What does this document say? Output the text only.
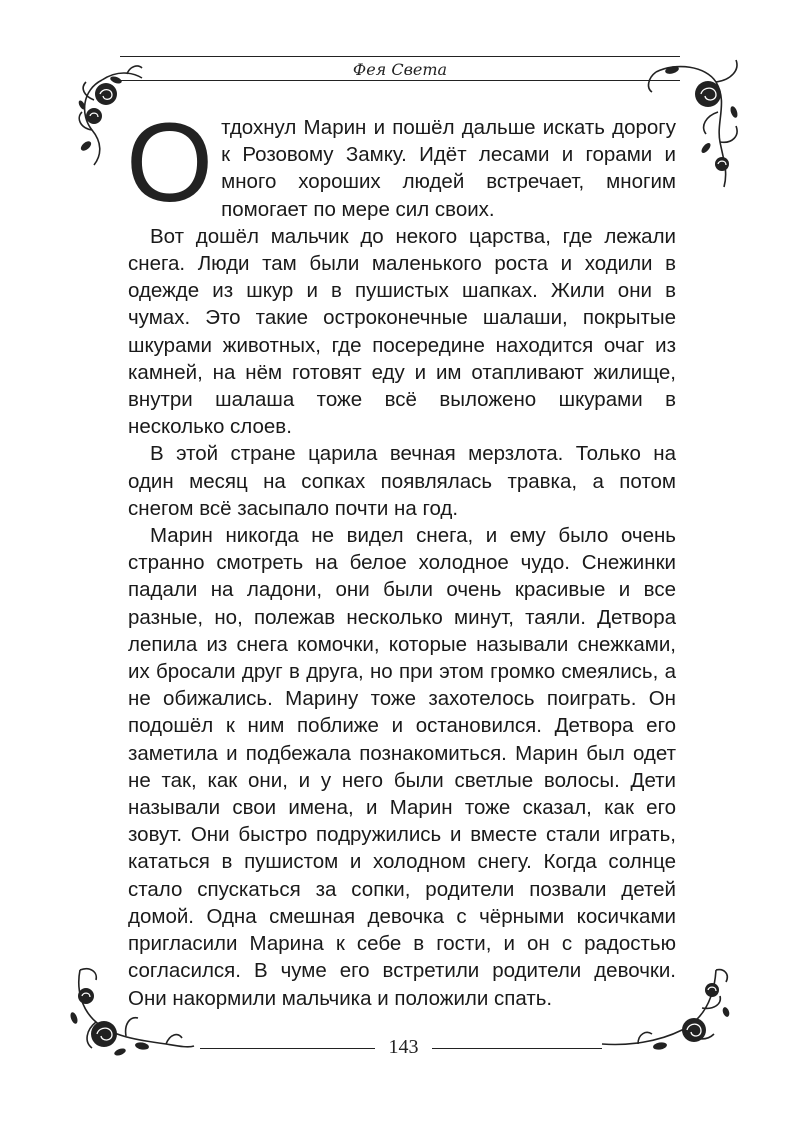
Фея Света

Отдохнул Марин и пошёл дальше искать дорогу к Розовому Замку. Идёт лесами и горами и много хороших людей встречает, многим помогает по мере сил своих.

Вот дошёл мальчик до некого царства, где лежали снега. Люди там были маленького роста и ходили в одежде из шкур и в пушистых шапках. Жили они в чумах. Это такие остроконечные шалаши, покрытые шкурами животных, где посередине находится очаг из камней, на нём готовят еду и им отапливают жилище, внутри шалаша тоже всё выложено шкурами в несколько слоев.

В этой стране царила вечная мерзлота. Только на один месяц на сопках появлялась травка, а потом снегом всё засыпало почти на год.

Марин никогда не видел снега, и ему было очень странно смотреть на белое холодное чудо. Снежинки падали на ладони, они были очень красивые и все разные, но, полежав несколько минут, таяли. Детвора лепила из снега комочки, которые называли снежками, их бросали друг в друга, но при этом громко смеялись, а не обижались. Марину тоже захотелось поиграть. Он подошёл к ним поближе и остановился. Детвора его заметила и подбежала познакомиться. Марин был одет не так, как они, и у него были светлые волосы. Дети называли свои имена, и Марин тоже сказал, как его зовут. Они быстро подружились и вместе стали играть, кататься в пушистом и холодном снегу. Когда солнце стало спускаться за сопки, родители позвали детей домой. Одна смешная девочка с чёрными косичками пригласили Марина к себе в гости, и он с радостью согласился. В чуме его встретили родители девочки. Они накормили мальчика и положили спать.

143
